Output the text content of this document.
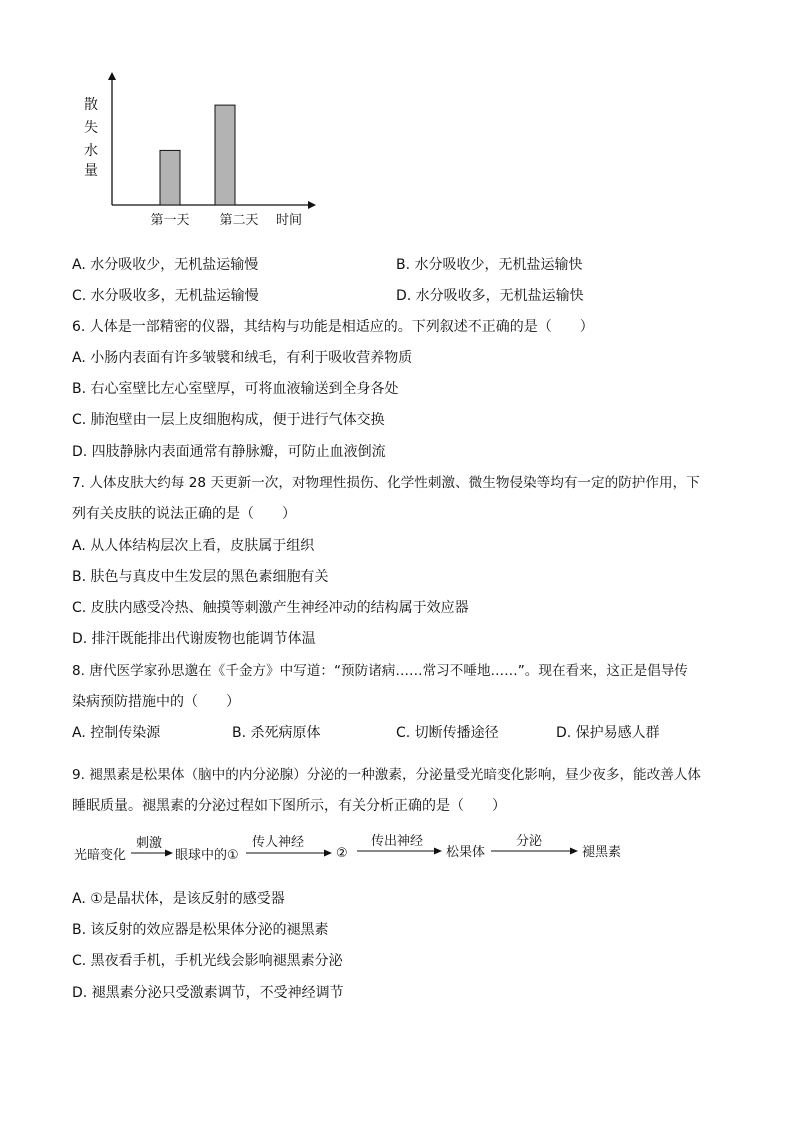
散
失
水
量
第一天 第二天 时间
A. 水分吸收少，无机盐运输慢	B. 水分吸收少，无机盐运输快
C. 水分吸收多，无机盐运输慢	D. 水分吸收多，无机盐运输快
6. 人体是一部精密的仪器，其结构与功能是相适应的。下列叙述不正确的是（　　）
A. 小肠内表面有许多皱襞和绒毛，有利于吸收营养物质
B. 右心室壁比左心室壁厚，可将血液输送到全身各处
C. 肺泡壁由一层上皮细胞构成，便于进行气体交换
D. 四肢静脉内表面通常有静脉瓣，可防止血液倒流
7. 人体皮肤大约每 28 天更新一次，对物理性损伤、化学性刺激、微生物侵染等均有一定的防护作用，下
列有关皮肤的说法正确的是（　　）
A. 从人体结构层次上看，皮肤属于组织
B. 肤色与真皮中生发层的黑色素细胞有关
C. 皮肤内感受冷热、触摸等刺激产生神经冲动的结构属于效应器
D. 排汗既能排出代谢废物也能调节体温
8. 唐代医学家孙思邈在《千金方》中写道：“预防诸病……常习不唾地……”。现在看来，这正是倡导传
染病预防措施中的（　　）
A. 控制传染源	B. 杀死病原体	C. 切断传播途径	D. 保护易感人群
9. 褪黑素是松果体（脑中的内分泌腺）分泌的一种激素，分泌量受光暗变化影响，昼少夜多，能改善人体
睡眠质量。褪黑素的分泌过程如下图所示，有关分析正确的是（　　）
光暗变化	眼球中的①	②	松果体	褪黑素
刺激	传人神经	传出神经	分泌
A. ①是晶状体，是该反射的感受器
B. 该反射的效应器是松果体分泌的褪黑素
C. 黑夜看手机，手机光线会影响褪黑素分泌
D. 褪黑素分泌只受激素调节，不受神经调节
